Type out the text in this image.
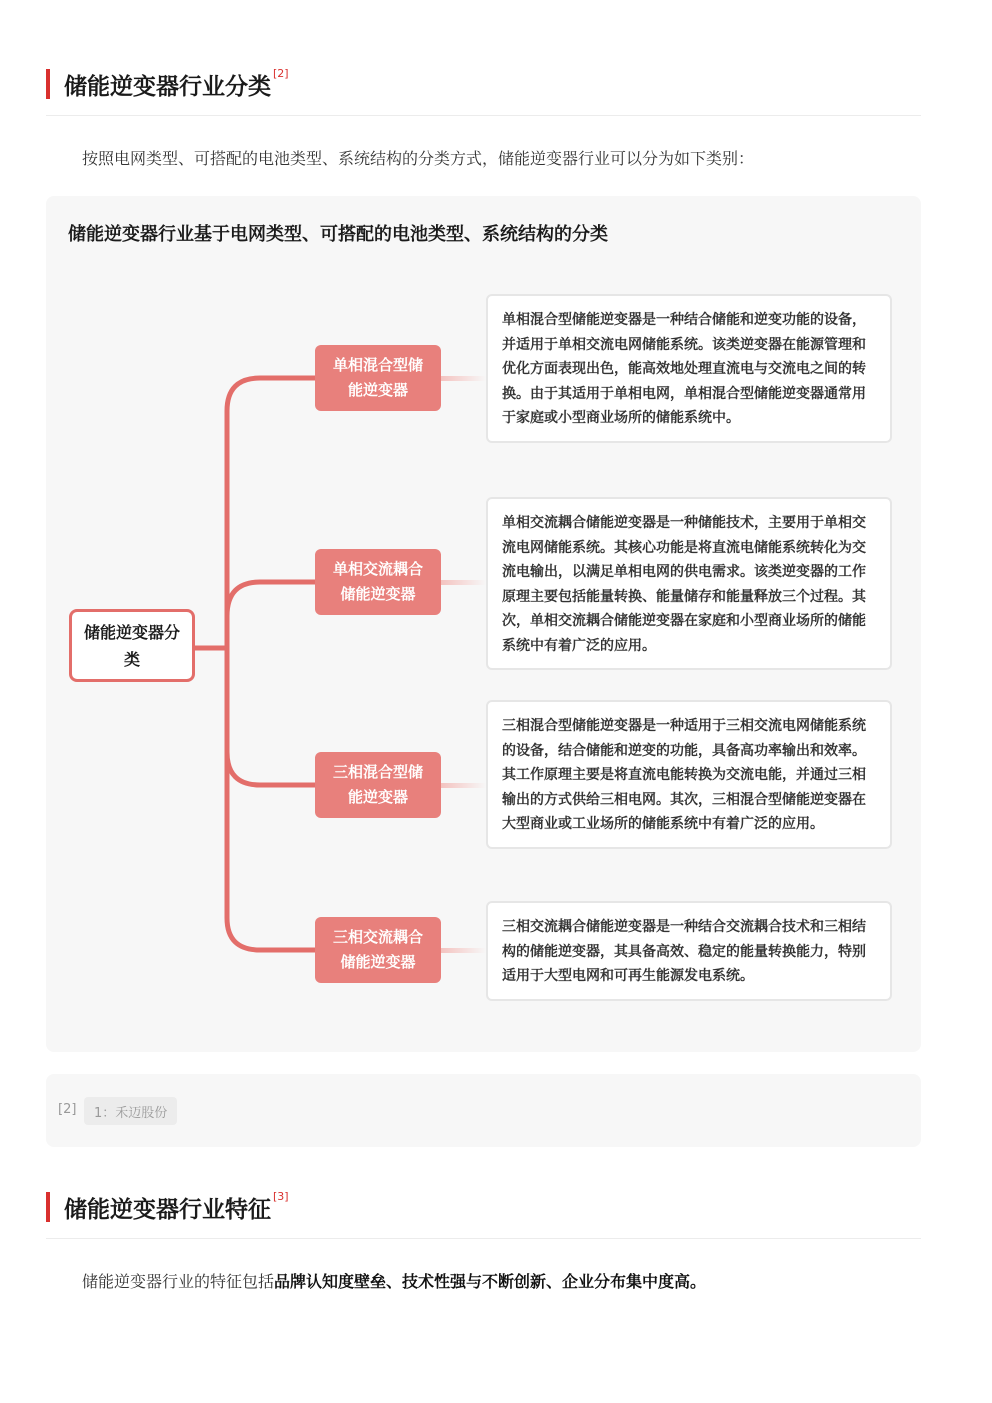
储能逆变器行业分类[2]

按照电网类型、可搭配的电池类型、系统结构的分类方式，储能逆变器行业可以分为如下类别：

储能逆变器行业基于电网类型、可搭配的电池类型、系统结构的分类
储能逆变器分类
单相混合型储能逆变器
单相交流耦合储能逆变器
三相混合型储能逆变器
三相交流耦合储能逆变器
单相混合型储能逆变器是一种结合储能和逆变功能的设备，并适用于单相交流电网储能系统。该类逆变器在能源管理和优化方面表现出色，能高效地处理直流电与交流电之间的转换。由于其适用于单相电网，单相混合型储能逆变器通常用于家庭或小型商业场所的储能系统中。
单相交流耦合储能逆变器是一种储能技术，主要用于单相交流电网储能系统。其核心功能是将直流电储能系统转化为交流电输出，以满足单相电网的供电需求。该类逆变器的工作原理主要包括能量转换、能量储存和能量释放三个过程。其次，单相交流耦合储能逆变器在家庭和小型商业场所的储能系统中有着广泛的应用。
三相混合型储能逆变器是一种适用于三相交流电网储能系统的设备，结合储能和逆变的功能，具备高功率输出和效率。其工作原理主要是将直流电能转换为交流电能，并通过三相输出的方式供给三相电网。其次，三相混合型储能逆变器在大型商业或工业场所的储能系统中有着广泛的应用。
三相交流耦合储能逆变器是一种结合交流耦合技术和三相结构的储能逆变器，其具备高效、稳定的能量转换能力，特别适用于大型电网和可再生能源发电系统。
[2]	1：禾迈股份
储能逆变器行业特征[3]

储能逆变器行业的特征包括品牌认知度壁垒、技术性强与不断创新、企业分布集中度高。
